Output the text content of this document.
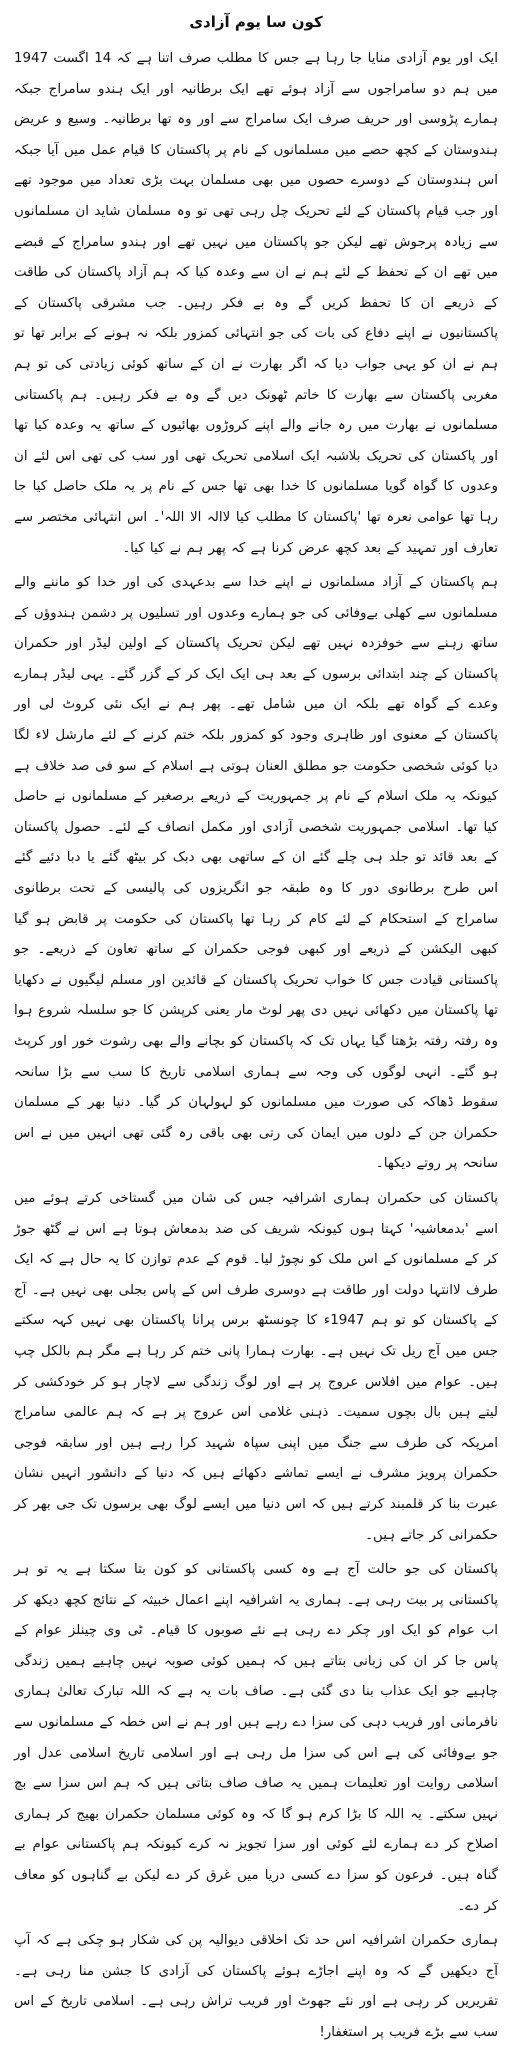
کون سا یوم آزادی

ایک اور یوم آزادی منایا جا رہا ہے جس کا مطلب صرف اتنا ہے کہ 14 اگست 1947 میں ہم دو سامراجوں سے آزاد ہوئے تھے ایک برطانیہ اور ایک ہندو سامراج جبکہ ہمارے پڑوسی اور حریف صرف ایک سامراج سے اور وہ تھا برطانیہ۔ وسیع و عریض ہندوستان کے کچھ حصے میں مسلمانوں کے نام پر پاکستان کا قیام عمل میں آیا جبکہ اس ہندوستان کے دوسرے حصوں میں بھی مسلمان بہت بڑی تعداد میں موجود تھے اور جب قیام پاکستان کے لئے تحریک چل رہی تھی تو وہ مسلمان شاید ان مسلمانوں سے زیادہ پرجوش تھے لیکن جو پاکستان میں نہیں تھے اور ہندو سامراج کے قبضے میں تھے ان کے تحفظ کے لئے ہم نے ان سے وعدہ کیا کہ ہم آزاد پاکستان کی طاقت کے ذریعے ان کا تحفظ کریں گے وہ بے فکر رہیں۔ جب مشرقی پاکستان کے پاکستانیوں نے اپنے دفاع کی بات کی جو انتہائی کمزور بلکہ نہ ہونے کے برابر تھا تو ہم نے ان کو یہی جواب دیا کہ اگر بھارت نے ان کے ساتھ کوئی زیادتی کی تو ہم مغربی پاکستان سے بھارت کا خاتم ٹھونک دیں گے وہ بے فکر رہیں۔ ہم پاکستانی مسلمانوں نے بھارت میں رہ جانے والے اپنے کروڑوں بھائیوں کے ساتھ یہ وعدہ کیا تھا اور پاکستان کی تحریک بلاشبہ ایک اسلامی تحریک تھی اور سب کی تھی اس لئے ان وعدوں کا گواہ گویا مسلمانوں کا خدا بھی تھا جس کے نام پر یہ ملک حاصل کیا جا رہا تھا عوامی نعرہ تھا 'پاکستان کا مطلب کیا لاالہ الا اللہ'۔ اس انتہائی مختصر سے تعارف اور تمہید کے بعد کچھ عرض کرنا ہے کہ پھر ہم نے کیا کیا۔

ہم پاکستان کے آزاد مسلمانوں نے اپنے خدا سے بدعہدی کی اور خدا کو ماننے والے مسلمانوں سے کھلی بےوفائی کی جو ہمارے وعدوں اور تسلیوں پر دشمن ہندوؤں کے ساتھ رہنے سے خوفزدہ نہیں تھے لیکن تحریک پاکستان کے اولین لیڈر اور حکمران پاکستان کے چند ابتدائی برسوں کے بعد ہی ایک ایک کر کے گزر گئے۔ یہی لیڈر ہمارے وعدے کے گواہ تھے بلکہ ان میں شامل تھے۔ پھر ہم نے ایک نئی کروٹ لی اور پاکستان کے معنوی اور ظاہری وجود کو کمزور بلکہ ختم کرنے کے لئے مارشل لاء لگا دیا کوئی شخصی حکومت جو مطلق العنان ہوتی ہے اسلام کے سو فی صد خلاف ہے کیونکہ یہ ملک اسلام کے نام پر جمہوریت کے ذریعے برصغیر کے مسلمانوں نے حاصل کیا تھا۔ اسلامی جمہوریت شخصی آزادی اور مکمل انصاف کے لئے۔ حصول پاکستان کے بعد قائد تو جلد ہی چلے گئے ان کے ساتھی بھی دبک کر بیٹھ گئے یا دبا دئیے گئے اس طرح برطانوی دور کا وہ طبقہ جو انگریزوں کی پالیسی کے تحت برطانوی سامراج کے استحکام کے لئے کام کر رہا تھا پاکستان کی حکومت پر قابض ہو گیا کبھی الیکشن کے ذریعے اور کبھی فوجی حکمران کے ساتھ تعاون کے ذریعے۔ جو پاکستانی قیادت جس کا خواب تحریک پاکستان کے قائدین اور مسلم لیگیوں نے دکھایا تھا پاکستان میں دکھائی نہیں دی پھر لوٹ مار یعنی کرپشن کا جو سلسلہ شروع ہوا وہ رفتہ رفتہ بڑھتا گیا یہاں تک کہ پاکستان کو بچانے والے بھی رشوت خور اور کرپٹ ہو گئے۔ انہی لوگوں کی وجہ سے ہماری اسلامی تاریخ کا سب سے بڑا سانحہ سقوط ڈھاکہ کی صورت میں مسلمانوں کو لہولہان کر گیا۔ دنیا بھر کے مسلمان حکمران جن کے دلوں میں ایمان کی رتی بھی باقی رہ گئی تھی انہیں میں نے اس سانحہ پر روتے دیکھا۔

پاکستان کی حکمران ہماری اشرافیہ جس کی شان میں گستاخی کرتے ہوئے میں اسے 'بدمعاشیہ' کہتا ہوں کیونکہ شریف کی ضد بدمعاش ہوتا ہے اس نے گٹھ جوڑ کر کے مسلمانوں کے اس ملک کو نچوڑ لیا۔ قوم کے عدم توازن کا یہ حال ہے کہ ایک طرف لاانتہا دولت اور طاقت ہے دوسری طرف اس کے پاس بجلی بھی نہیں ہے۔ آج کے پاکستان کو تو ہم 1947ء کا چونسٹھ برس پرانا پاکستان بھی نہیں کہہ سکتے جس میں آج ریل تک نہیں ہے۔ بھارت ہمارا پانی ختم کر رہا ہے مگر ہم بالکل چپ ہیں۔ عوام میں افلاس عروج پر ہے اور لوگ زندگی سے لاچار ہو کر خودکشی کر لیتے ہیں بال بچوں سمیت۔ ذہنی غلامی اس عروج پر ہے کہ ہم عالمی سامراج امریکہ کی طرف سے جنگ میں اپنی سپاہ شہید کرا رہے ہیں اور سابقہ فوجی حکمران پرویز مشرف نے ایسے تماشے دکھائے ہیں کہ دنیا کے دانشور انہیں نشان عبرت بنا کر قلمبند کرتے ہیں کہ اس دنیا میں ایسے لوگ بھی برسوں تک جی بھر کر حکمرانی کر جاتے ہیں۔

پاکستان کی جو حالت آج ہے وہ کسی پاکستانی کو کون بتا سکتا ہے یہ تو ہر پاکستانی پر بیت رہی ہے۔ ہماری یہ اشرافیہ اپنے اعمال خبیثہ کے نتائج کچھ دیکھ کر اب عوام کو ایک اور چکر دے رہی ہے نئے صوبوں کا قیام۔ ٹی وی چینلز عوام کے پاس جا کر ان کی زبانی بتاتے ہیں کہ ہمیں کوئی صوبہ نہیں چاہیے ہمیں زندگی چاہیے جو ایک عذاب بنا دی گئی ہے۔ صاف بات یہ ہے کہ اللہ تبارک تعالیٰ ہماری نافرمانی اور فریب دہی کی سزا دے رہے ہیں اور ہم نے اس خطہ کے مسلمانوں سے جو بےوفائی کی ہے اس کی سزا مل رہی ہے اور اسلامی تاریخ اسلامی عدل اور اسلامی روایت اور تعلیمات ہمیں یہ صاف صاف بتاتی ہیں کہ ہم اس سزا سے بچ نہیں سکتے۔ یہ اللہ کا بڑا کرم ہو گا کہ وہ کوئی مسلمان حکمران بھیج کر ہماری اصلاح کر دے ہمارے لئے کوئی اور سزا تجویز نہ کرے کیونکہ ہم پاکستانی عوام بے گناہ ہیں۔ فرعون کو سزا دے کسی دریا میں غرق کر دے لیکن بے گناہوں کو معاف کر دے۔

ہماری حکمران اشرافیہ اس حد تک اخلاقی دیوالیہ پن کی شکار ہو چکی ہے کہ آپ آج دیکھیں گے کہ وہ اپنے اجاڑے ہوئے پاکستان کی آزادی کا جشن منا رہی ہے۔ تقریریں کر رہی ہے اور نئے جھوٹ اور فریب تراش رہی ہے۔ اسلامی تاریخ کے اس سب سے بڑے فریب پر استغفار!
